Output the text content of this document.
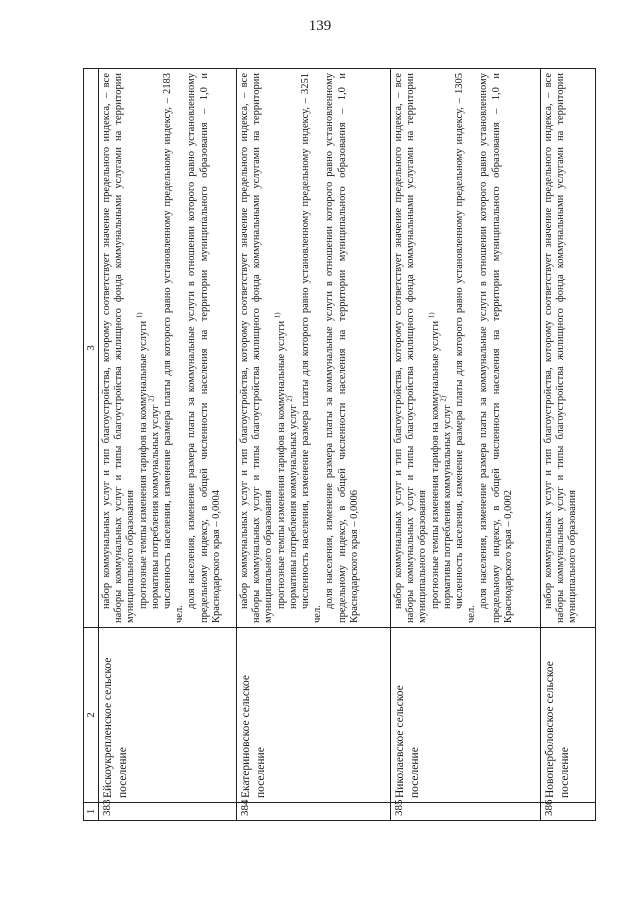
139
1	2	3
383	Ейскоукрепленское сельское поселение	набор коммунальных услуг и тип благоустройства, которому соответствует значение предельного индекса, – все наборы коммунальных услуг и типы благоустройства жилищного фонда коммунальными услугами на территории муниципального образования прогнозные темпы изменения тарифов на коммунальные услуги $^{1)}$

нормативы потребления коммунальных услуг $^{2)}$ численность населения, изменение размера платы для которого равно установленному предельному индексу, – 2183 чел.

доля населения, изменение размера платы за коммунальные услуги в отношении которого равно установленному предельному индексу, в общей численности населения на территории муниципального образования – 1,0 и Краснодарского края – 0,0004

384	Екатериновское сельское поселение	набор коммунальных услуг и тип благоустройства, которому соответствует значение предельного индекса, – все наборы коммунальных услуг и типы благоустройства жилищного фонда коммунальными услугами на территории муниципального образования прогнозные темпы изменения тарифов на коммунальные услуги $^{1)}$

нормативы потребления коммунальных услуг $^{2)}$ численность населения, изменение размера платы для которого равно установленному предельному индексу, – 3251 чел.

доля населения, изменение размера платы за коммунальные услуги в отношении которого равно установленному предельному индексу, в общей численности населения на территории муниципального образования – 1,0 и Краснодарского края – 0,0006

385	Николаевское сельское поселение	набор коммунальных услуг и тип благоустройства, которому соответствует значение предельного индекса, – все наборы коммунальных услуг и типы благоустройства жилищного фонда коммунальными услугами на территории муниципального образования прогнозные темпы изменения тарифов на коммунальные услуги $^{1)}$

нормативы потребления коммунальных услуг $^{2)}$ численность населения, изменение размера платы для которого равно установленному предельному индексу, – 1305 чел.

доля населения, изменение размера платы за коммунальные услуги в отношении которого равно установленному предельному индексу, в общей численности населения на территории муниципального образования – 1,0 и Краснодарского края – 0,0002

386	Новоперболовское сельское поселение	набор коммунальных услуг и тип благоустройства, которому соответствует значение предельного индекса, – все наборы коммунальных услуг и типы благоустройства жилищного фонда коммунальными услугами на территории муниципального образования
